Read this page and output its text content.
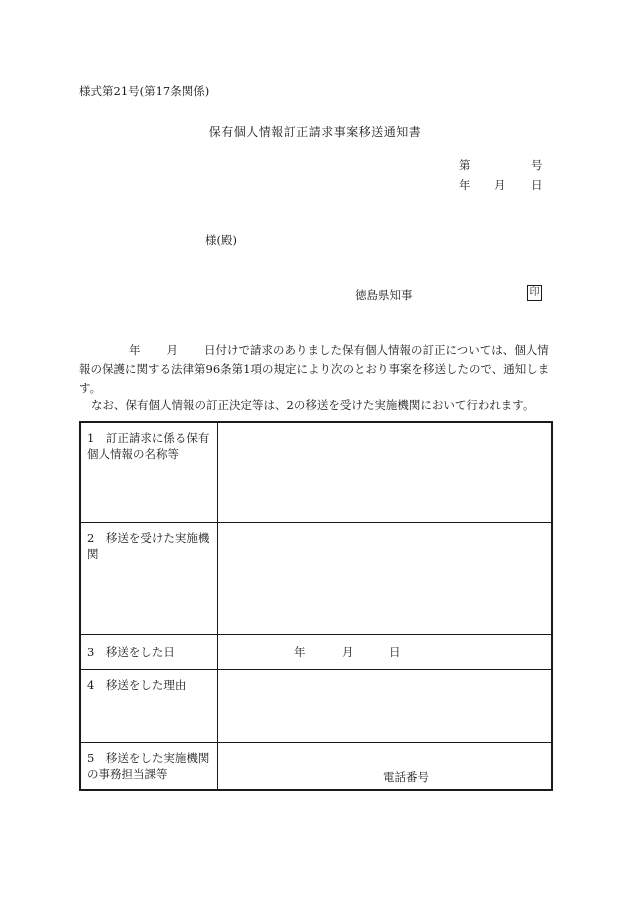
様式第21号(第17条関係)
保有個人情報訂正請求事案移送通知書
第	号
年 月 日
様(殿)
徳島県知事	印
年 月 日付けで請求のありました保有個人情報の訂正については、個人情報の保護に関する法律第96条第1項の規定により次のとおり事案を移送したので、通知します。
なお、保有個人情報の訂正決定等は、2の移送を受けた実施機関において行われます。
1　訂正請求に係る保有個人情報の名称等
2　移送を受けた実施機関
3　移送をした日	年	月	日
4　移送をした理由
5　移送をした実施機関の事務担当課等	電話番号
